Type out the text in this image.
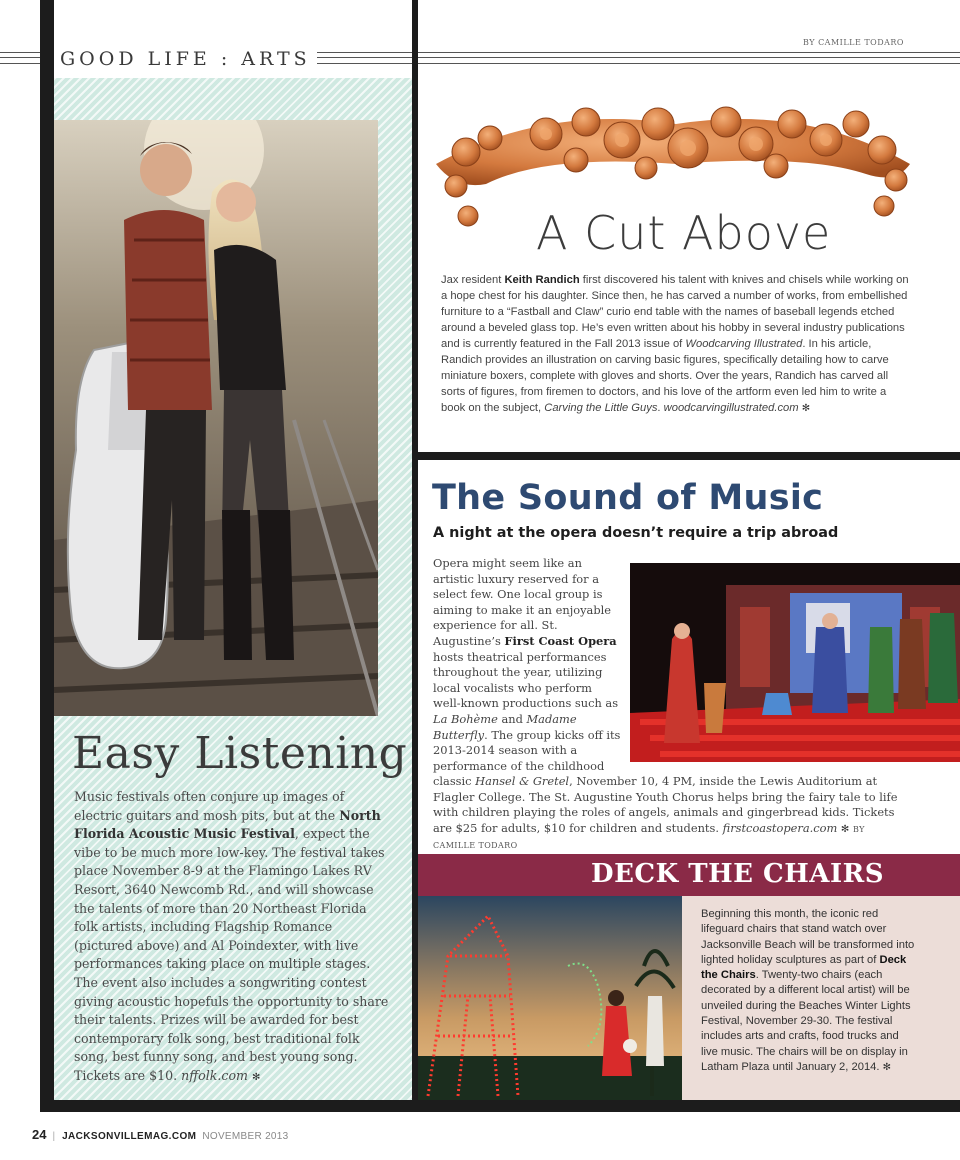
GOOD LIFE : ARTS
BY CAMILLE TODARO
Easy Listening

Music festivals often conjure up images of electric guitars and mosh pits, but at the North Florida Acoustic Music Festival, expect the vibe to be much more low-key. The festival takes place November 8-9 at the Flamingo Lakes RV Resort, 3640 Newcomb Rd., and will showcase the talents of more than 20 Northeast Florida folk artists, including Flagship Romance (pictured above) and Al Poindexter, with live performances taking place on multiple stages. The event also includes a songwriting contest giving acoustic hopefuls the opportunity to share their talents. Prizes will be awarded for best contemporary folk song, best traditional folk song, best funny song, and best young song. Tickets are $10. nffolk.com ✻

A Cut Above

Jax resident Keith Randich first discovered his talent with knives and chisels while working on a hope chest for his daughter. Since then, he has carved a number of works, from embellished furniture to a “Fastball and Claw” curio end table with the names of baseball legends etched around a beveled glass top. He’s even written about his hobby in several industry publications and is currently featured in the Fall 2013 issue of Woodcarving Illustrated. In his article, Randich provides an illustration on carving basic figures, specifically detailing how to carve miniature boxers, complete with gloves and shorts. Over the years, Randich has carved all sorts of figures, from firemen to doctors, and his love of the artform even led him to write a book on the subject, Carving the Little Guys. woodcarvingillustrated.com ✻

The Sound of Music
A night at the opera doesn’t require a trip abroad

Opera might seem like an artistic luxury reserved for a select few. One local group is aiming to make it an enjoyable experience for all. St. Augustine’s First Coast Opera hosts theatrical performances throughout the year, utilizing local vocalists who perform well-known productions such as La Bohème and Madame Butterfly. The group kicks off its 2013-2014 season with a performance of the childhood

classic Hansel & Gretel, November 10, 4 PM, inside the Lewis Auditorium at Flagler College. The St. Augustine Youth Chorus helps bring the fairy tale to life with children playing the roles of angels, animals and gingerbread kids. Tickets are $25 for adults, $10 for children and students. firstcoastopera.com ✻ BY CAMILLE TODARO

DECK THE CHAIRS

Beginning this month, the iconic red lifeguard chairs that stand watch over Jacksonville Beach will be transformed into lighted holiday sculptures as part of Deck the Chairs. Twenty-two chairs (each decorated by a different local artist) will be unveiled during the Beaches Winter Lights Festival, November 29-30. The festival includes arts and crafts, food trucks and live music. The chairs will be on display in Latham Plaza until January 2, 2014. ✻

24 | JACKSONVILLEMAG.COM NOVEMBER 2013
